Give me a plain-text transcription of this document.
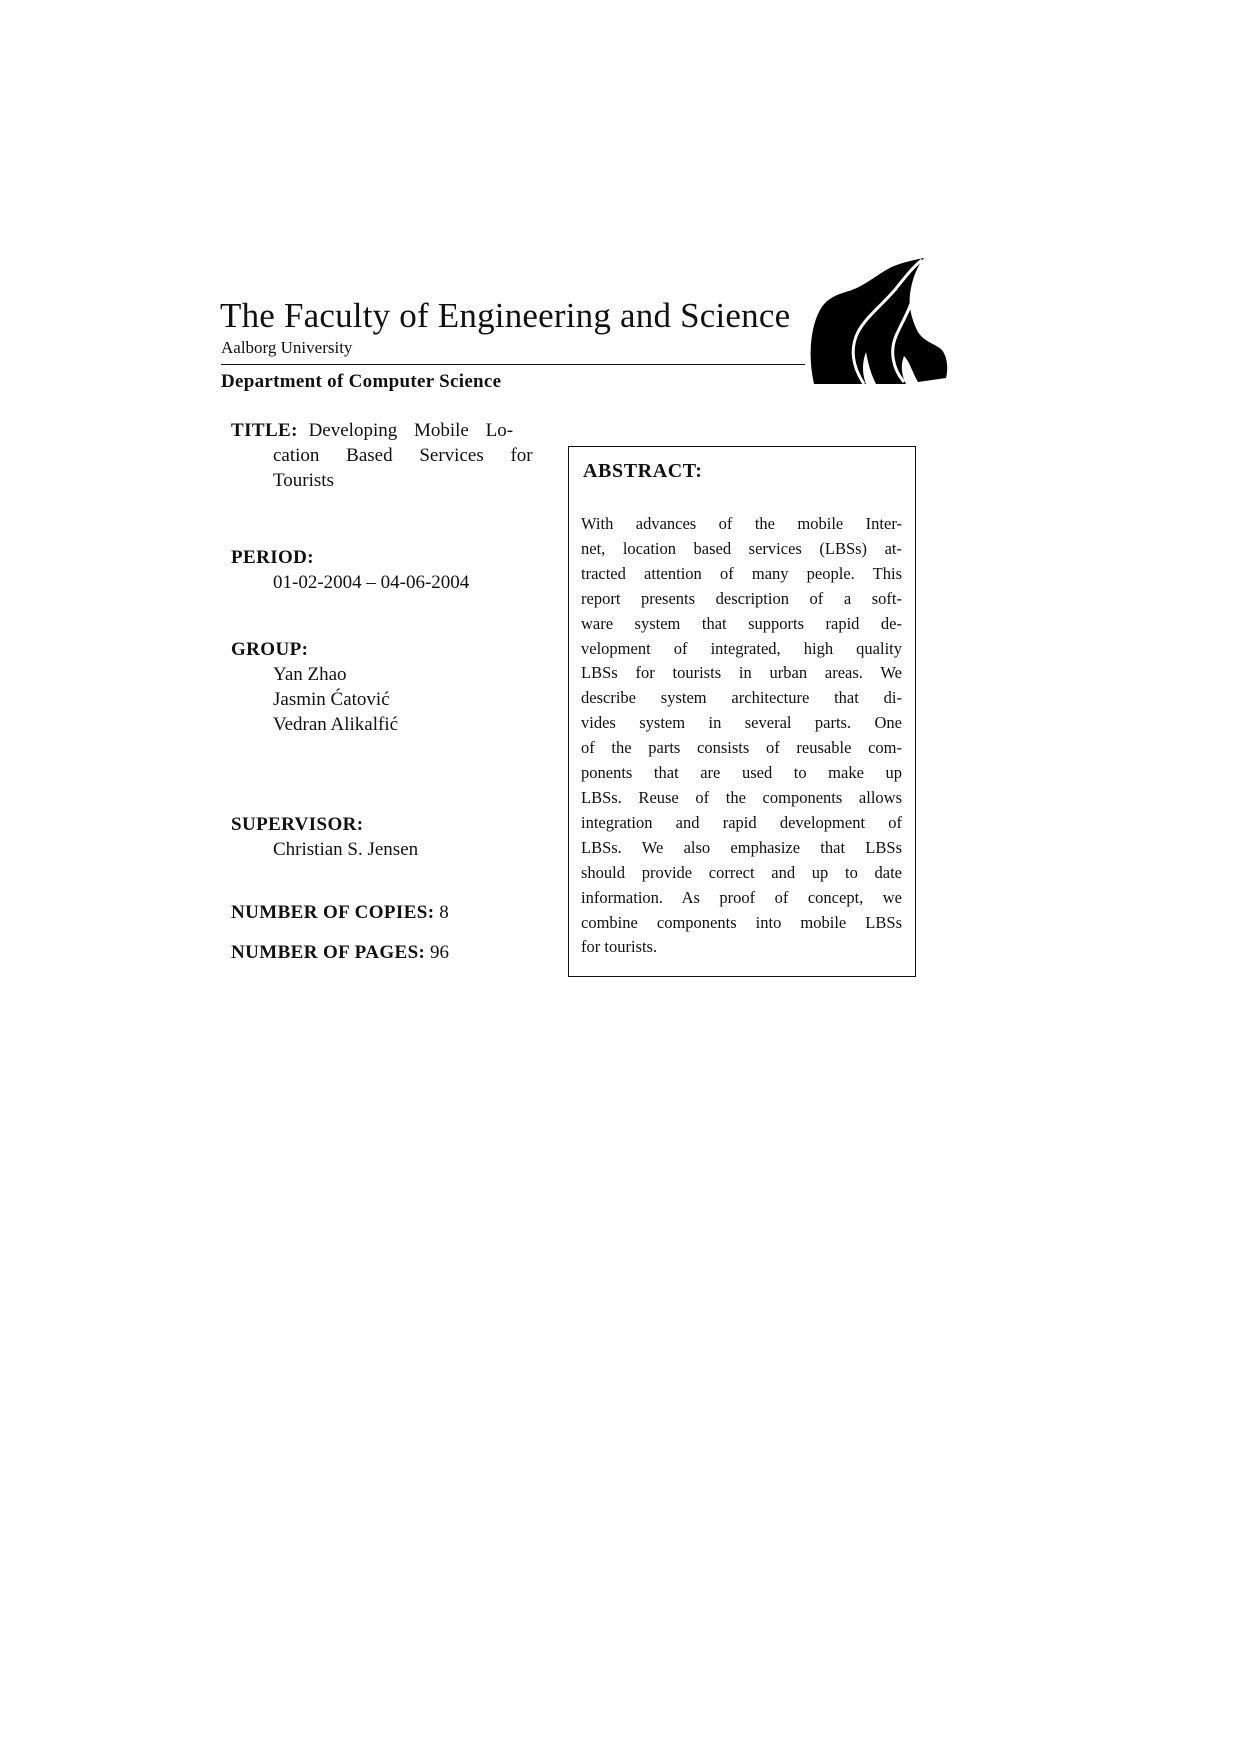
The Faculty of Engineering and Science
Aalborg University
Department of Computer Science
TITLE: Developing Mobile Lo-
cation Based Services for
Tourists
PERIOD:
01-02-2004 – 04-06-2004
GROUP:
Yan Zhao
Jasmin Ćatović
Vedran Alikalfić
SUPERVISOR:
Christian S. Jensen
NUMBER OF COPIES: 8
NUMBER OF PAGES: 96
ABSTRACT:
With advances of the mobile Inter-
net, location based services (LBSs) at-
tracted attention of many people. This
report presents description of a soft-
ware system that supports rapid de-
velopment of integrated, high quality
LBSs for tourists in urban areas. We
describe system architecture that di-
vides system in several parts. One
of the parts consists of reusable com-
ponents that are used to make up
LBSs. Reuse of the components allows
integration and rapid development of
LBSs. We also emphasize that LBSs
should provide correct and up to date
information. As proof of concept, we
combine components into mobile LBSs
for tourists.
